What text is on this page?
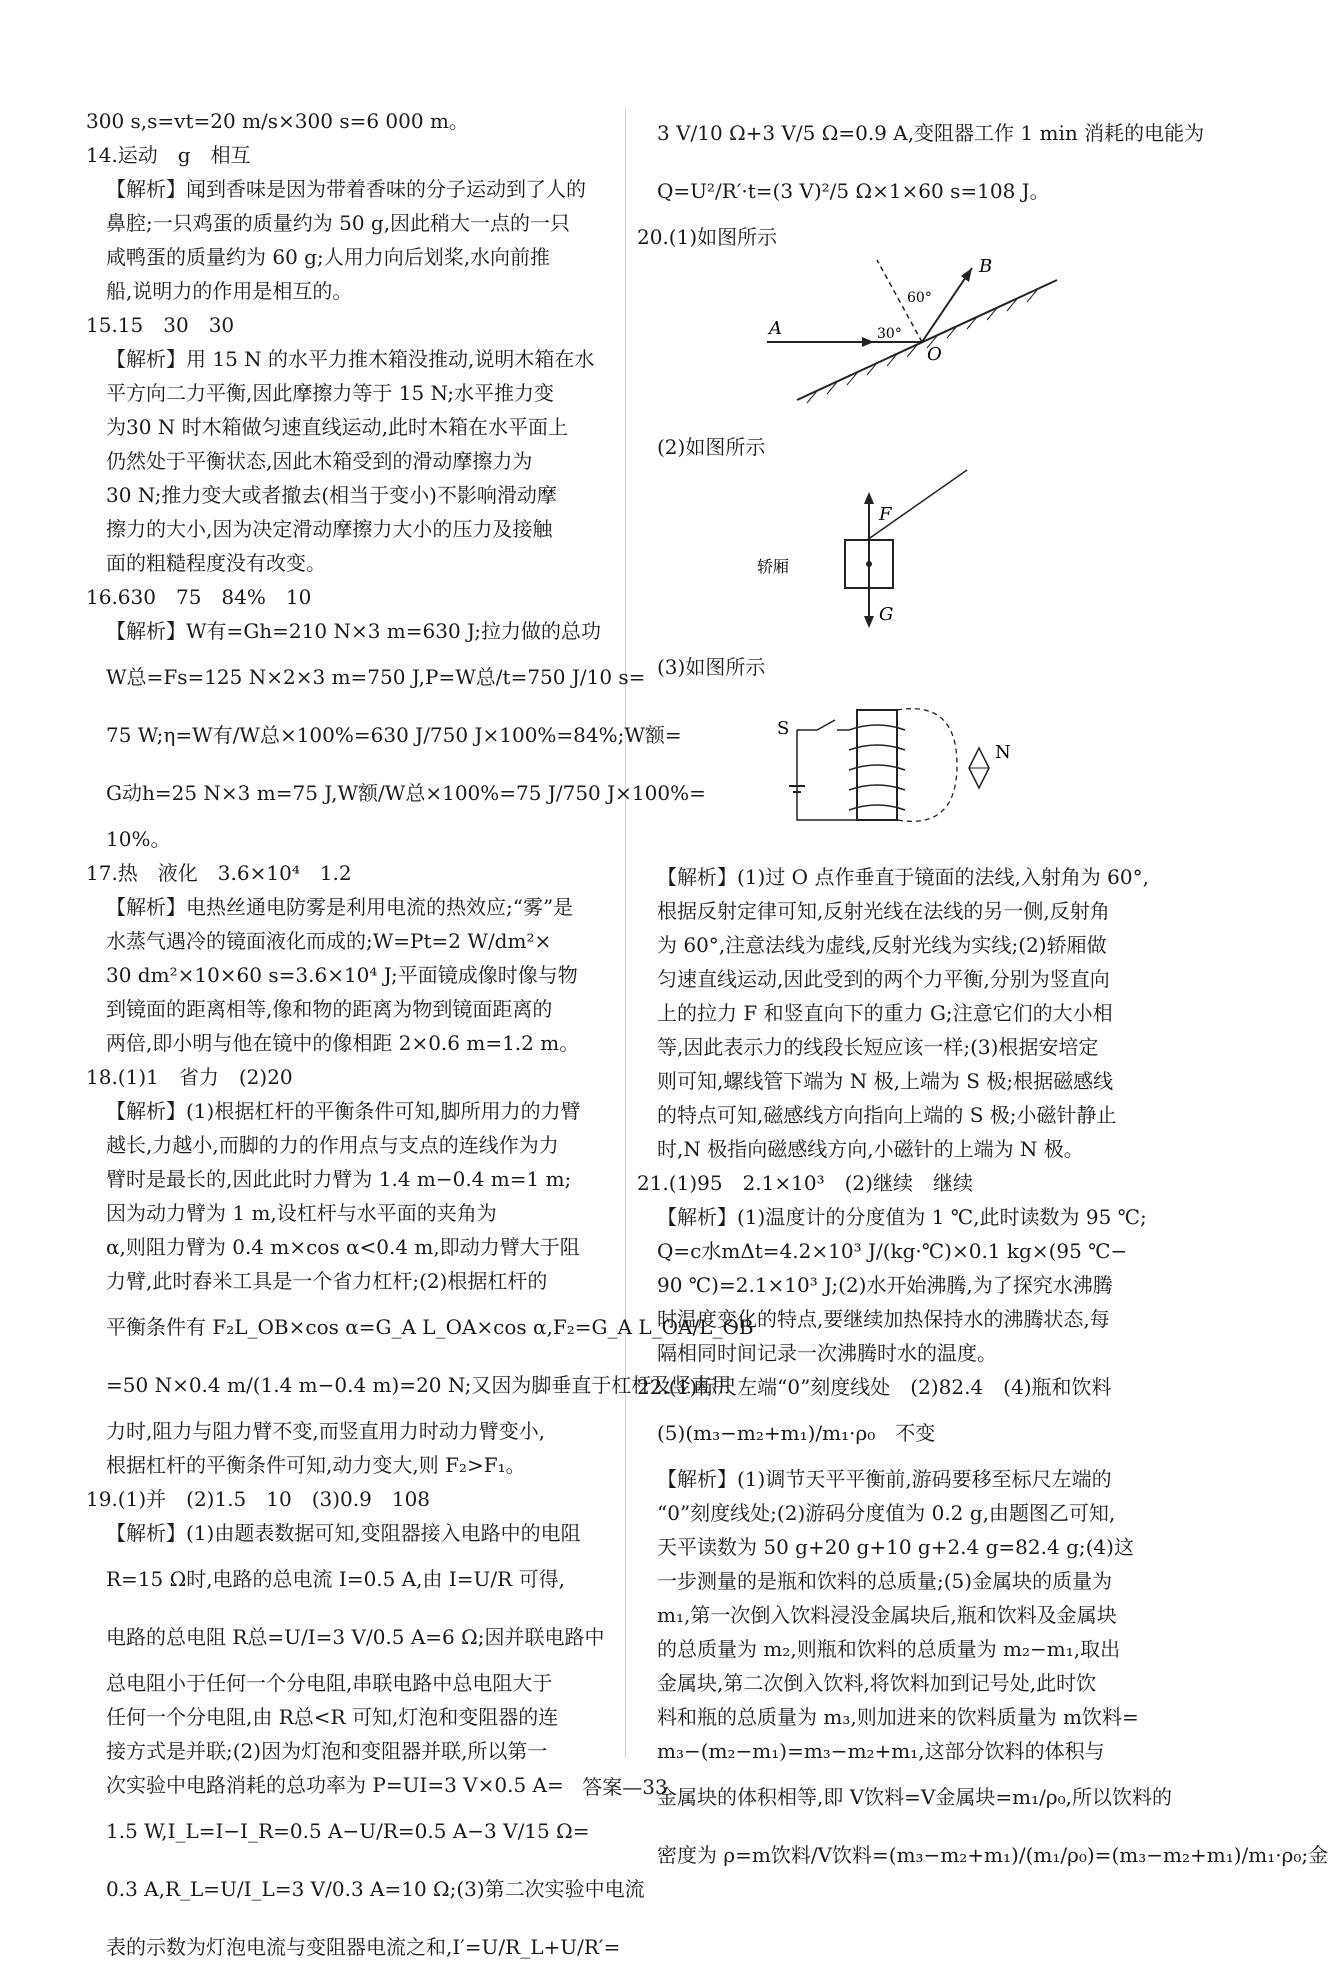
300 s,s=vt=20 m/s×300 s=6 000 m。

14.运动　g　相互

【解析】闻到香味是因为带着香味的分子运动到了人的

鼻腔;一只鸡蛋的质量约为 50 g,因此稍大一点的一只

咸鸭蛋的质量约为 60 g;人用力向后划桨,水向前推

船,说明力的作用是相互的。

15.15　30　30

【解析】用 15 N 的水平力推木箱没推动,说明木箱在水

平方向二力平衡,因此摩擦力等于 15 N;水平推力变

为30 N 时木箱做匀速直线运动,此时木箱在水平面上

仍然处于平衡状态,因此木箱受到的滑动摩擦力为

30 N;推力变大或者撤去(相当于变小)不影响滑动摩

擦力的大小,因为决定滑动摩擦力大小的压力及接触

面的粗糙程度没有改变。

16.630　75　84%　10

【解析】W有=Gh=210 N×3 m=630 J;拉力做的总功

W总=Fs=125 N×2×3 m=750 J,P=W总/t=750 J/10 s=

75 W;η=W有/W总×100%=630 J/750 J×100%=84%;W额=

G动h=25 N×3 m=75 J,W额/W总×100%=75 J/750 J×100%=

10%。

17.热　液化　3.6×10⁴　1.2

【解析】电热丝通电防雾是利用电流的热效应;“雾”是

水蒸气遇冷的镜面液化而成的;W=Pt=2 W/dm²×

30 dm²×10×60 s=3.6×10⁴ J;平面镜成像时像与物

到镜面的距离相等,像和物的距离为物到镜面距离的

两倍,即小明与他在镜中的像相距 2×0.6 m=1.2 m。

18.(1)1　省力　(2)20

【解析】(1)根据杠杆的平衡条件可知,脚所用力的力臂

越长,力越小,而脚的力的作用点与支点的连线作为力

臂时是最长的,因此此时力臂为 1.4 m−0.4 m=1 m;

因为动力臂为 1 m,设杠杆与水平面的夹角为

α,则阻力臂为 0.4 m×cos α<0.4 m,即动力臂大于阻

力臂,此时舂米工具是一个省力杠杆;(2)根据杠杆的

平衡条件有 F₂L_OB×cos α=G_A L_OA×cos α,F₂=G_A L_OA/L_OB

=50 N×0.4 m/(1.4 m−0.4 m)=20 N;又因为脚垂直于杠杆及竖直用

力时,阻力与阻力臂不变,而竖直用力时动力臂变小,

根据杠杆的平衡条件可知,动力变大,则 F₂>F₁。

19.(1)并　(2)1.5　10　(3)0.9　108

【解析】(1)由题表数据可知,变阻器接入电路中的电阻

R=15 Ω时,电路的总电流 I=0.5 A,由 I=U/R 可得,

电路的总电阻 R总=U/I=3 V/0.5 A=6 Ω;因并联电路中

总电阻小于任何一个分电阻,串联电路中总电阻大于

任何一个分电阻,由 R总<R 可知,灯泡和变阻器的连

接方式是并联;(2)因为灯泡和变阻器并联,所以第一

次实验中电路消耗的总功率为 P=UI=3 V×0.5 A=

1.5 W,I_L=I−I_R=0.5 A−U/R=0.5 A−3 V/15 Ω=

0.3 A,R_L=U/I_L=3 V/0.3 A=10 Ω;(3)第二次实验中电流

表的示数为灯泡电流与变阻器电流之和,I′=U/R_L+U/R′=

3 V/10 Ω+3 V/5 Ω=0.9 A,变阻器工作 1 min 消耗的电能为

Q=U²/R′·t=(3 V)²/5 Ω×1×60 s=108 J。

20.(1)如图所示

A
B
O
60°
30°

(2)如图所示

F
G
轿厢

(3)如图所示

S
N

【解析】(1)过 O 点作垂直于镜面的法线,入射角为 60°,

根据反射定律可知,反射光线在法线的另一侧,反射角

为 60°,注意法线为虚线,反射光线为实线;(2)轿厢做

匀速直线运动,因此受到的两个力平衡,分别为竖直向

上的拉力 F 和竖直向下的重力 G;注意它们的大小相

等,因此表示力的线段长短应该一样;(3)根据安培定

则可知,螺线管下端为 N 极,上端为 S 极;根据磁感线

的特点可知,磁感线方向指向上端的 S 极;小磁针静止

时,N 极指向磁感线方向,小磁针的上端为 N 极。

21.(1)95　2.1×10³　(2)继续　继续

【解析】(1)温度计的分度值为 1 ℃,此时读数为 95 ℃;

Q=c水mΔt=4.2×10³ J/(kg·℃)×0.1 kg×(95 ℃−

90 ℃)=2.1×10³ J;(2)水开始沸腾,为了探究水沸腾

时温度变化的特点,要继续加热保持水的沸腾状态,每

隔相同时间记录一次沸腾时水的温度。

22.(1)标尺左端“0”刻度线处　(2)82.4　(4)瓶和饮料

(5)(m₃−m₂+m₁)/m₁·ρ₀　不变

【解析】(1)调节天平平衡前,游码要移至标尺左端的

“0”刻度线处;(2)游码分度值为 0.2 g,由题图乙可知,

天平读数为 50 g+20 g+10 g+2.4 g=82.4 g;(4)这

一步测量的是瓶和饮料的总质量;(5)金属块的质量为

m₁,第一次倒入饮料浸没金属块后,瓶和饮料及金属块

的总质量为 m₂,则瓶和饮料的总质量为 m₂−m₁,取出

金属块,第二次倒入饮料,将饮料加到记号处,此时饮

料和瓶的总质量为 m₃,则加进来的饮料质量为 m饮料=

m₃−(m₂−m₁)=m₃−m₂+m₁,这部分饮料的体积与

金属块的体积相等,即 V饮料=V金属块=m₁/ρ₀,所以饮料的

密度为 ρ=m饮料/V饮料=(m₃−m₂+m₁)/(m₁/ρ₀)=(m₃−m₂+m₁)/m₁·ρ₀;金

答案—33
